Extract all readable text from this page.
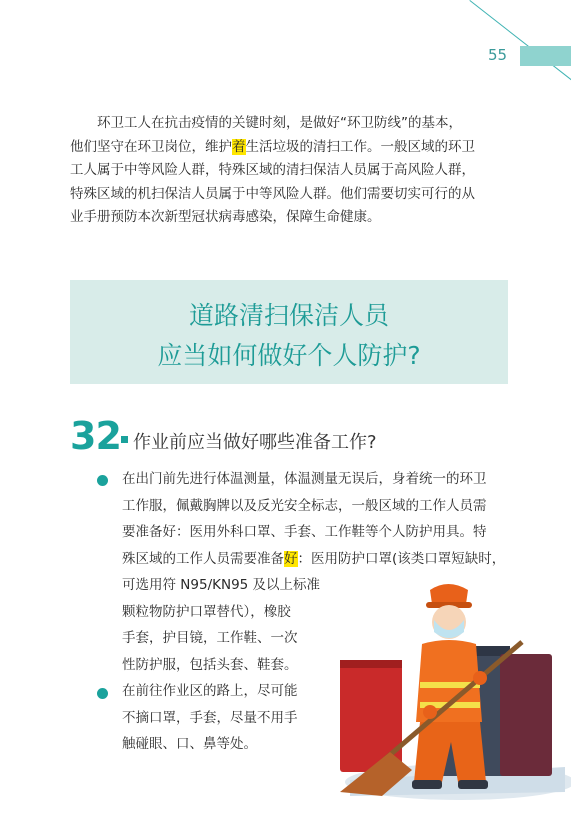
55
环卫工人在抗击疫情的关键时刻，是做好“环卫防线”的基本，
他们坚守在环卫岗位，维护着生活垃圾的清扫工作。一般区域的环卫
工人属于中等风险人群，特殊区域的清扫保洁人员属于高风险人群，
特殊区域的机扫保洁人员属于中等风险人群。他们需要切实可行的从
业手册预防本次新型冠状病毒感染，保障生命健康。
道路清扫保洁人员
应当如何做好个人防护?
32 作业前应当做好哪些准备工作?
在出门前先进行体温测量，体温测量无误后，身着统一的环卫
工作服，佩戴胸牌以及反光安全标志，一般区域的工作人员需
要准备好：医用外科口罩、手套、工作鞋等个人防护用具。特
殊区域的工作人员需要准备好：医用防护口罩(该类口罩短缺时，
可选用符 N95/KN95 及以上标准
颗粒物防护口罩替代），橡胶
手套，护目镜，工作鞋、一次
性防护服，包括头套、鞋套。
在前往作业区的路上，尽可能
不摘口罩，手套，尽量不用手
触碰眼、口、鼻等处。
